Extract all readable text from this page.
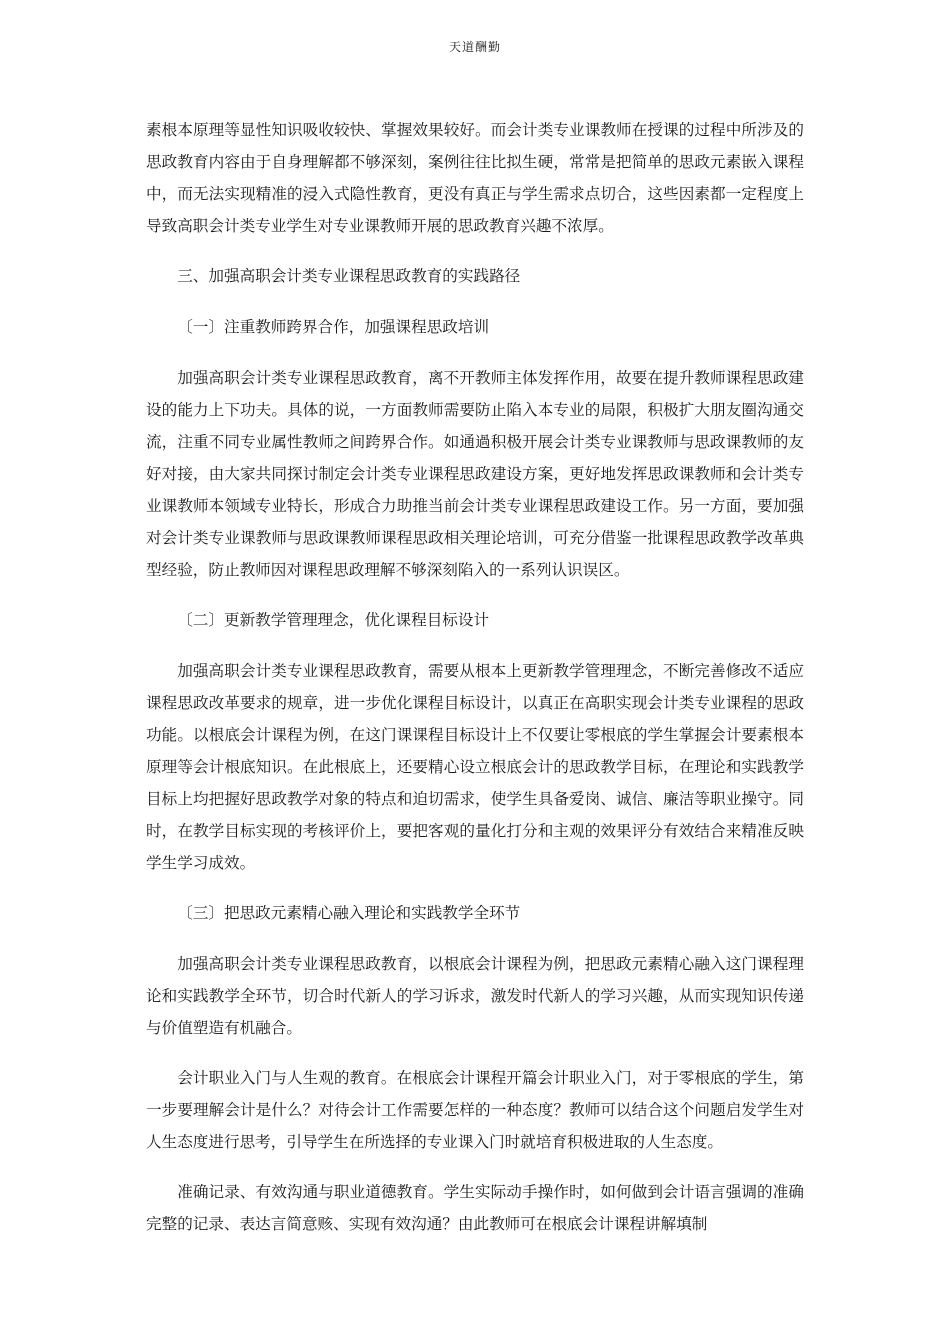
天道酬勤

素根本原理等显性知识吸收较快、掌握效果较好。而会计类专业课教师在授课的过程中所涉及的思政教育内容由于自身理解都不够深刻，案例往往比拟生硬，常常是把简单的思政元素嵌入课程中，而无法实现精准的浸入式隐性教育，更没有真正与学生需求点切合，这些因素都一定程度上导致高职会计类专业学生对专业课教师开展的思政教育兴趣不浓厚。

三、加强高职会计类专业课程思政教育的实践路径

〔一〕注重教师跨界合作，加强课程思政培训

加强高职会计类专业课程思政教育，离不开教师主体发挥作用，故要在提升教师课程思政建设的能力上下功夫。具体的说，一方面教师需要防止陷入本专业的局限，积极扩大朋友圈沟通交流，注重不同专业属性教师之间跨界合作。如通過积极开展会计类专业课教师与思政课教师的友好对接，由大家共同探讨制定会计类专业课程思政建设方案，更好地发挥思政课教师和会计类专业课教师本领域专业特长，形成合力助推当前会计类专业课程思政建设工作。另一方面，要加强对会计类专业课教师与思政课教师课程思政相关理论培训，可充分借鉴一批课程思政教学改革典型经验，防止教师因对课程思政理解不够深刻陷入的一系列认识误区。

〔二〕更新教学管理理念，优化课程目标设计

加强高职会计类专业课程思政教育，需要从根本上更新教学管理理念，不断完善修改不适应课程思政改革要求的规章，进一步优化课程目标设计，以真正在高职实现会计类专业课程的思政功能。以根底会计课程为例，在这门课课程目标设计上不仅要让零根底的学生掌握会计要素根本原理等会计根底知识。在此根底上，还要精心设立根底会计的思政教学目标，在理论和实践教学目标上均把握好思政教学对象的特点和迫切需求，使学生具备爱岗、诚信、廉洁等职业操守。同时，在教学目标实现的考核评价上，要把客观的量化打分和主观的效果评分有效结合来精准反映学生学习成效。

〔三〕把思政元素精心融入理论和实践教学全环节

加强高职会计类专业课程思政教育，以根底会计课程为例，把思政元素精心融入这门课程理论和实践教学全环节，切合时代新人的学习诉求，激发时代新人的学习兴趣，从而实现知识传递与价值塑造有机融合。

会计职业入门与人生观的教育。在根底会计课程开篇会计职业入门，对于零根底的学生，第一步要理解会计是什么？对待会计工作需要怎样的一种态度？教师可以结合这个问题启发学生对人生态度进行思考，引导学生在所选择的专业课入门时就培育积极进取的人生态度。

准确记录、有效沟通与职业道德教育。学生实际动手操作时，如何做到会计语言强调的准确完整的记录、表达言简意赅、实现有效沟通？由此教师可在根底会计课程讲解填制
